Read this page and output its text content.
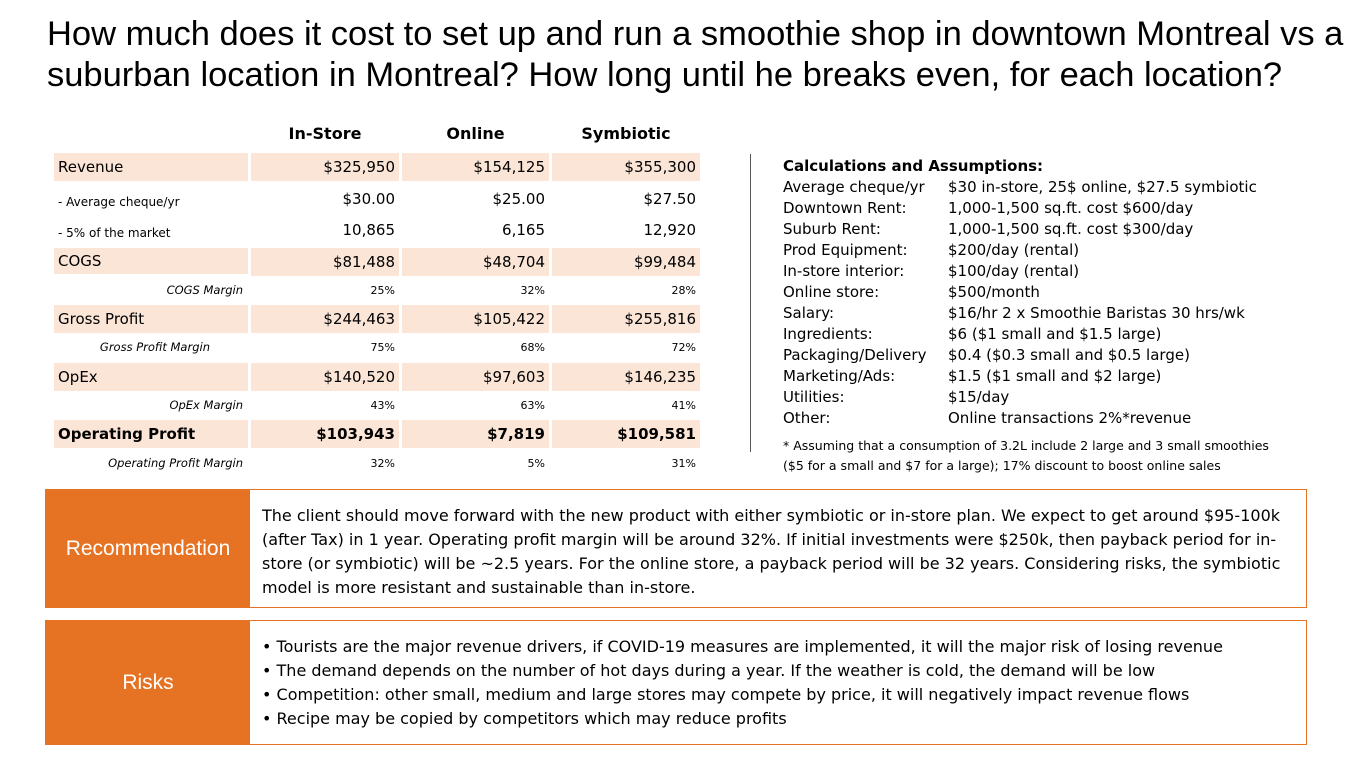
How much does it cost to set up and run a smoothie shop in downtown Montreal vs a
suburban location in Montreal? How long until he breaks even, for each location?
In-Store	Online	Symbiotic
Revenue	$325,950	$154,125	$355,300
- Average cheque/yr	$30.00	$25.00	$27.50
- 5% of the market	10,865	6,165	12,920
COGS	$81,488	$48,704	$99,484
COGS Margin	25%	32%	28%
Gross Profit	$244,463	$105,422	$255,816
Gross Profit Margin	75%	68%	72%
OpEx	$140,520	$97,603	$146,235
OpEx Margin	43%	63%	41%
Operating Profit	$103,943	$7,819	$109,581
Operating Profit Margin	32%	5%	31%
Calculations and Assumptions:
Average cheque/yr $30 in-store, 25$ online, $27.5 symbiotic
Downtown Rent:	1,000-1,500 sq.ft. cost $600/day
Suburb Rent:	1,000-1,500 sq.ft. cost $300/day
Prod Equipment:	$200/day (rental)
In-store interior:	$100/day (rental)
Online store:	$500/month
Salary:	$16/hr 2 x Smoothie Baristas 30 hrs/wk
Ingredients:	$6 ($1 small and $1.5 large)
Packaging/Delivery $0.4 ($0.3 small and $0.5 large)
Marketing/Ads:	$1.5 ($1 small and $2 large)
Utilities:	$15/day
Other:	Online transactions 2%*revenue
* Assuming that a consumption of 3.2L include 2 large and 3 small smoothies
($5 for a small and $7 for a large); 17% discount to boost online sales
Recommendation
The client should move forward with the new product with either symbiotic or in-store plan. We expect to get around $95-100k (after Tax) in 1 year. Operating profit margin will be around 32%. If initial investments were $250k, then payback period for in-store (or symbiotic) will be ~2.5 years. For the online store, a payback period will be 32 years. Considering risks, the symbiotic model is more resistant and sustainable than in-store.
Risks
• Tourists are the major revenue drivers, if COVID-19 measures are implemented, it will the major risk of losing revenue
• The demand depends on the number of hot days during a year. If the weather is cold, the demand will be low
• Competition: other small, medium and large stores may compete by price, it will negatively impact revenue flows
• Recipe may be copied by competitors which may reduce profits
